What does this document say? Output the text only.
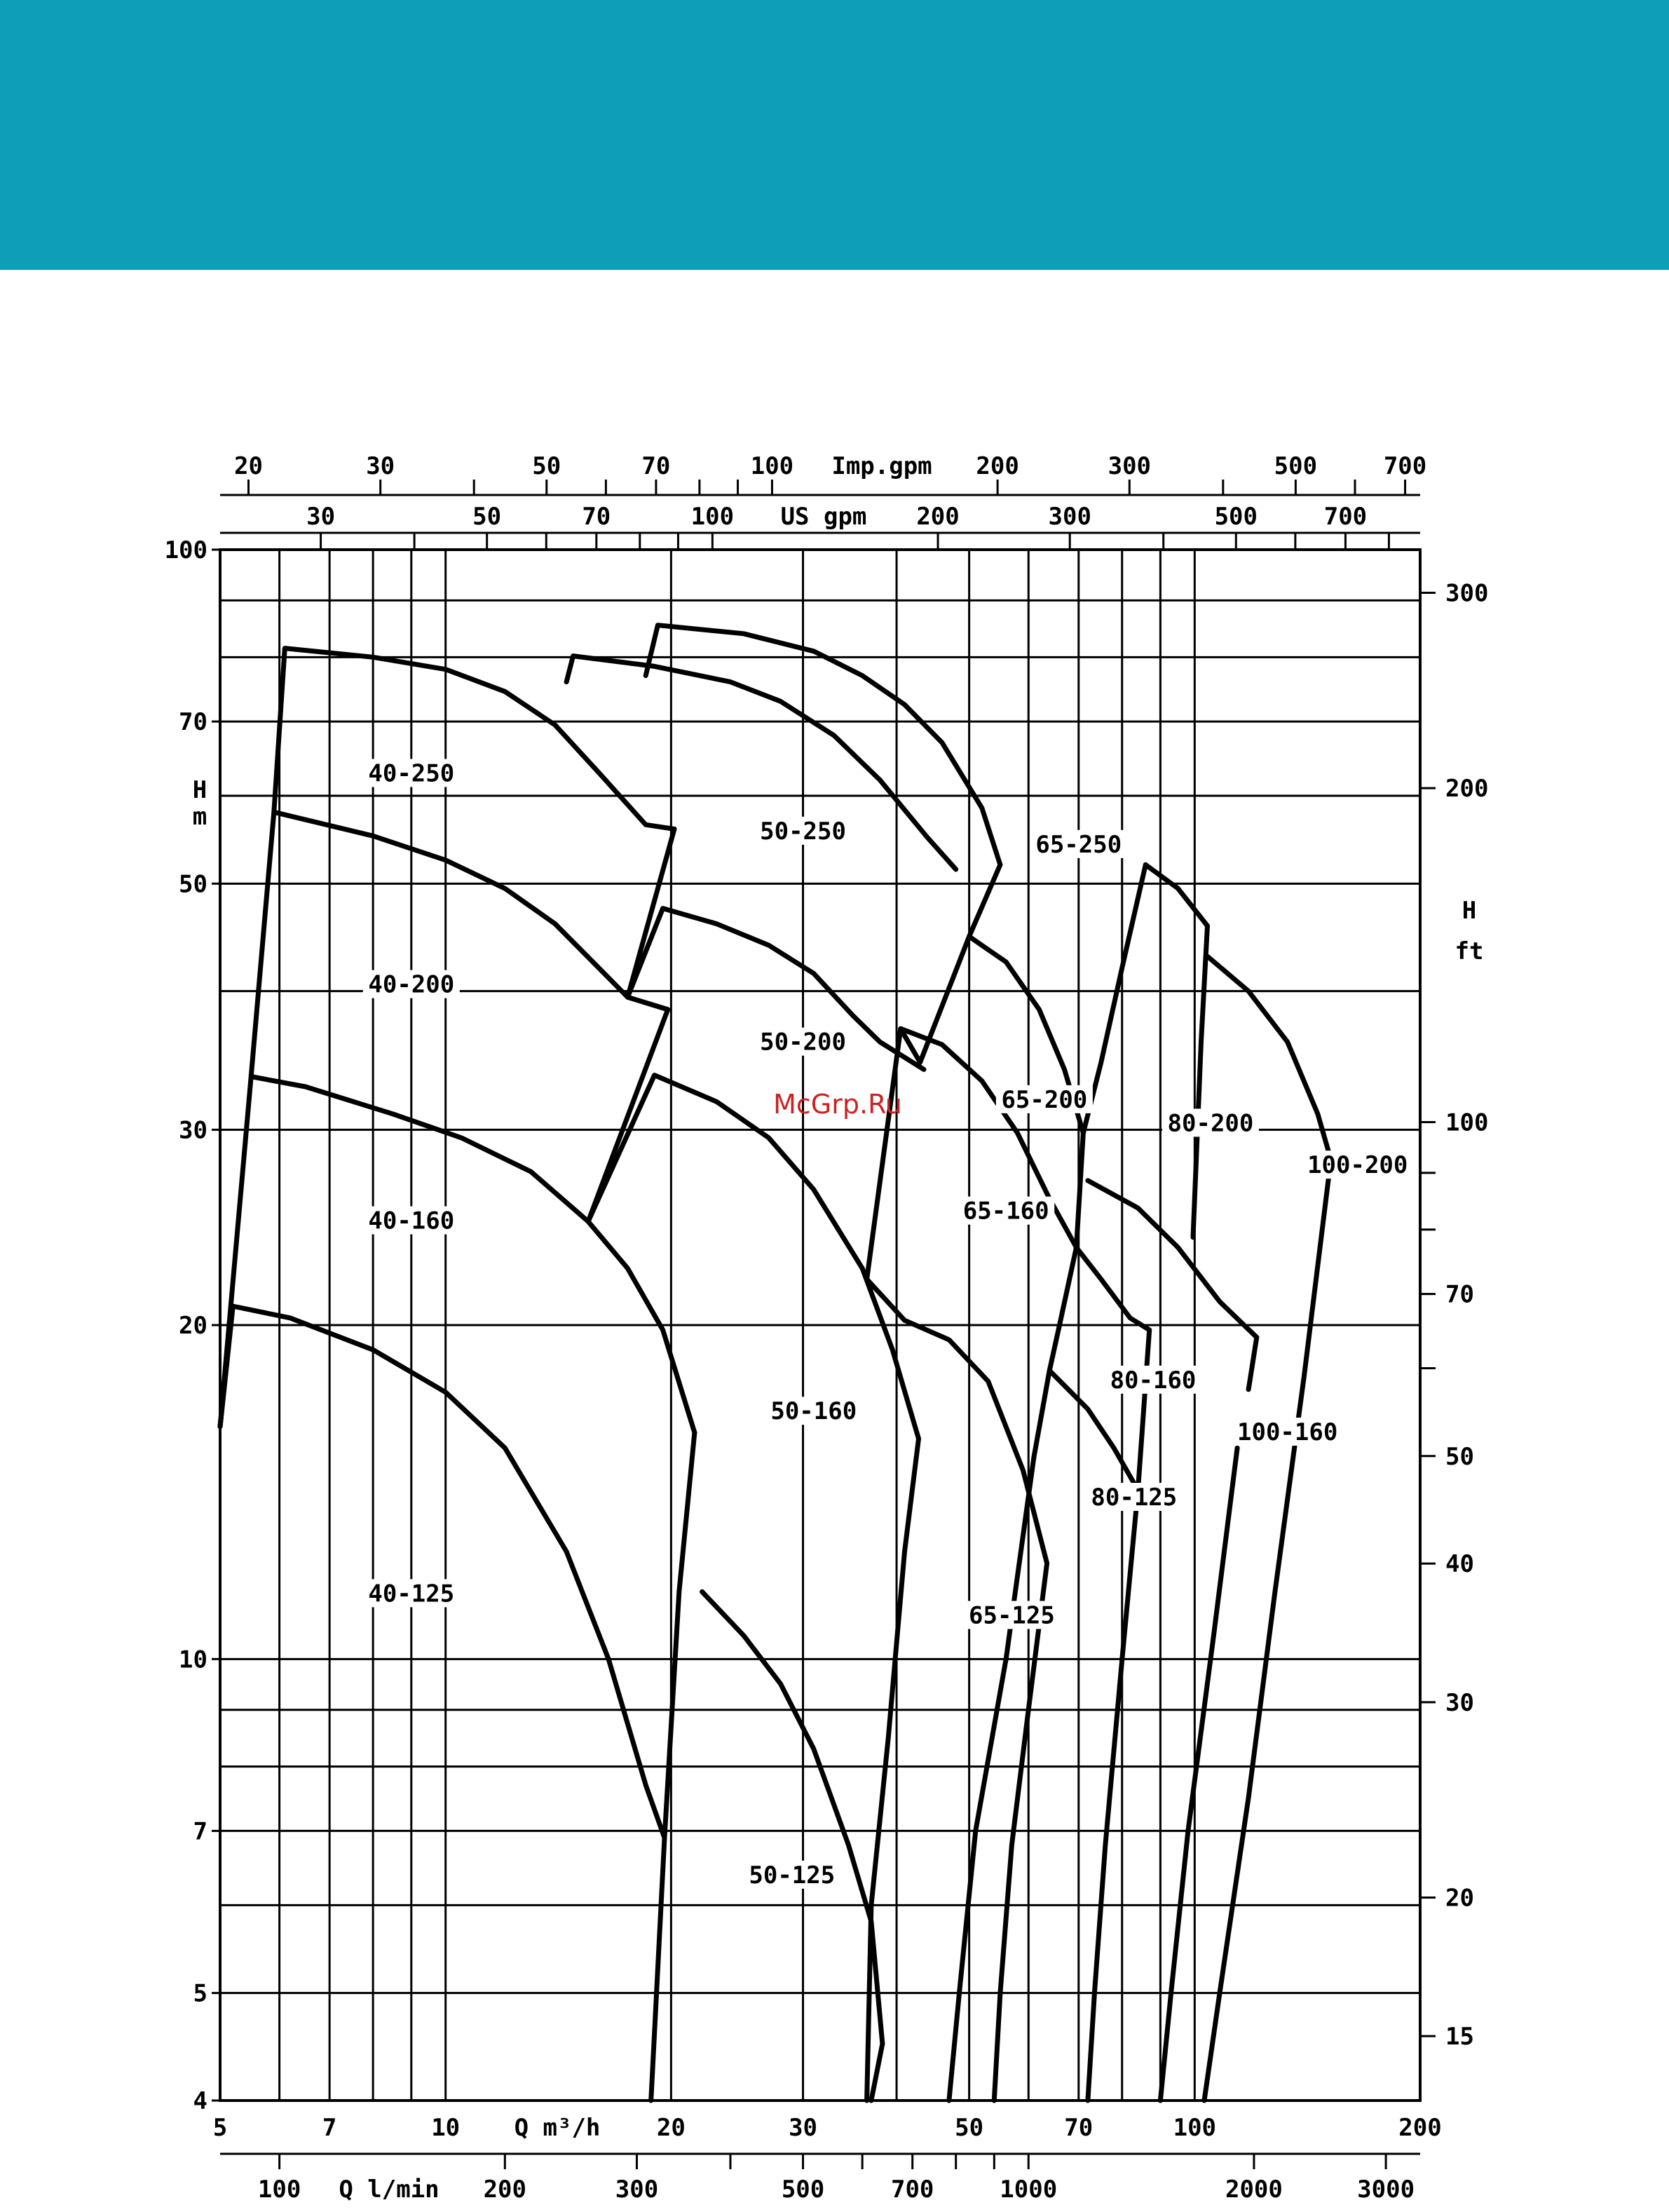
4
5
7
10
20
30
50
70
100
H
m
15
20
30
40
50
70
100
200
300
H
ft
5	7	10	20	30	50	70	100	200
Q m³/h
100	200	300	500	700	1000	2000	3000
Q l/min
30	50	70	100	200	300	500	700
US gpm
20	30	50	70	100	200	300	500	700
Imp.gpm
40-250
50-250	65-250
40-200
50-200
65-200
80-200
100-200
40-160	65-160
50-160
80-160
100-160
80-125
40-125
65-125
50-125
McGrp.Ru
